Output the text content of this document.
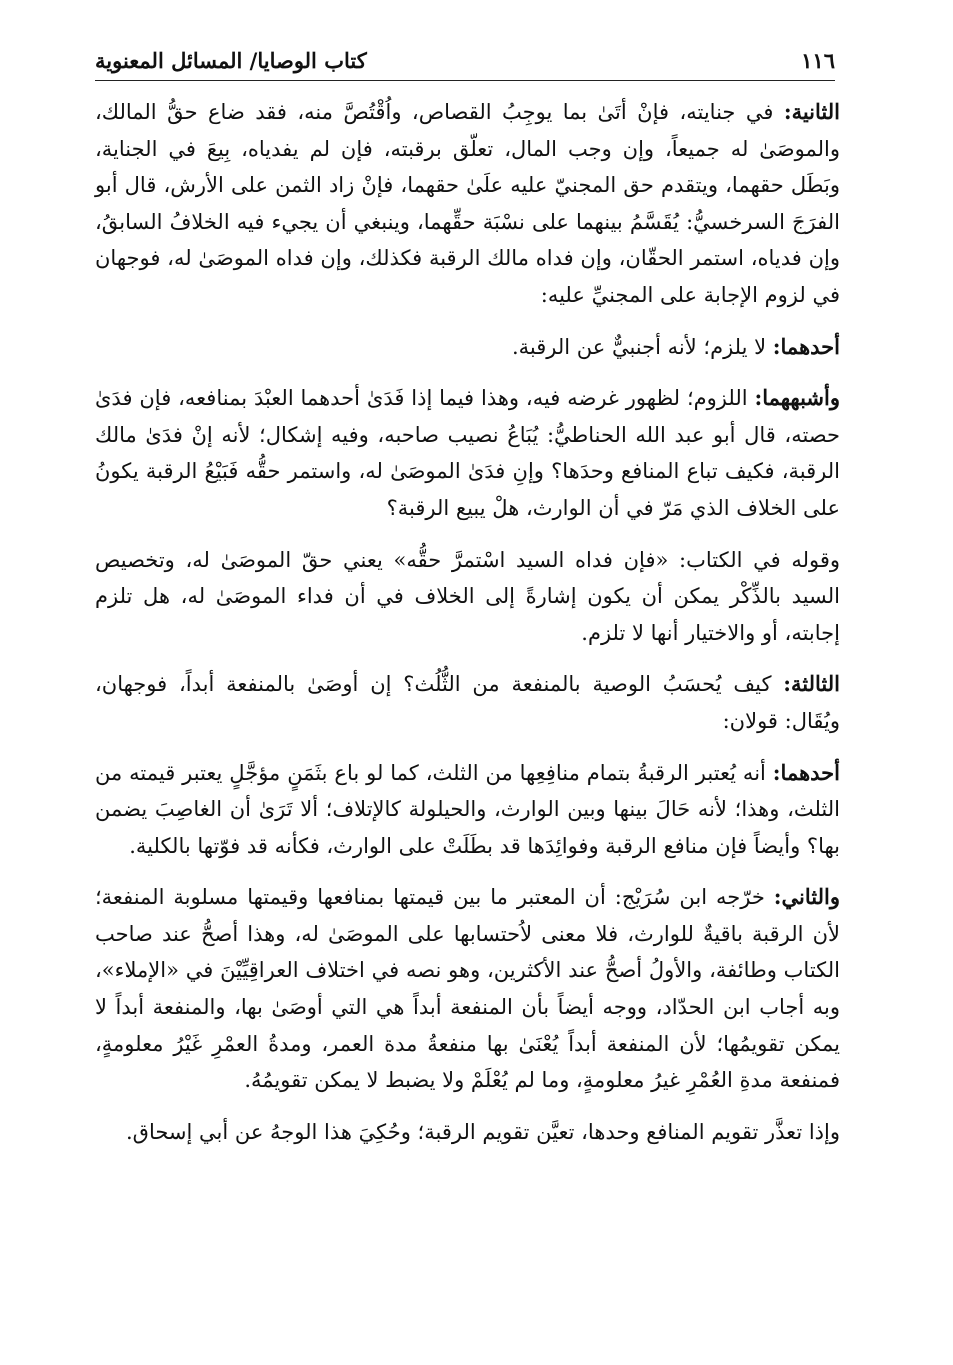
١١٦
كتاب الوصايا/ المسائل المعنوية

الثانية: في جنايته، فإنْ أتَىٰ بما يوجِبُ القصاص، واُقْتُصَّ منه، فقد ضاع حقُّ المالك، والموصَىٰ له جميعاً، وإن وجب المال، تعلّق برقبته، فإن لم يفدياه، بِيعَ في الجناية، وبَطَل حقهما، ويتقدم حق المجنيّ عليه علَىٰ حقهما، فإنْ زاد الثمن على الأرش، قال أبو الفرَجَ السرخسيُّ: يُقَسَّمُ بينهما على نسْبَة حقِّهما، وينبغي أن يجيء فيه الخلافُ السابقُ، وإن فدياه، استمر الحقّان، وإن فداه مالك الرقبة فكذلك، وإن فداه الموصَىٰ له، فوجهان في لزوم الإجابة على المجنيِّ عليه:

أحدهما: لا يلزم؛ لأنه أجنبيٌّ عن الرقبة.

وأشبههما: اللزوم؛ لظهور غرضه فيه، وهذا فيما إذا فَدَىٰ أحدهما العبْدَ بمنافعه، فإن فدَىٰ حصته، قال أبو عبد الله الحناطيُّ: يُبَاعُ نصيب صاحبه، وفيه إشكال؛ لأنه إنْ فدَىٰ مالك الرقبة، فكيف تباع المنافع وحدَها؟ وإنِ فدَىٰ الموصَىٰ له، واستمر حقُّه فَبَيْعُ الرقبة يكونُ على الخلاف الذي مَرّ في أن الوارث، هلْ يبيع الرقبة؟

وقوله في الكتاب: «فإن فداه السيد اسْتمرَّ حقُّه» يعني حقّ الموصَىٰ له، وتخصيص السيد بالذِّكْر يمكن أن يكون إشارةً إلى الخلاف في أن فداء الموصَىٰ له، هل تلزم إجابته، أو والاختيار أنها لا تلزم.

الثالثة: كيف يُحسَبُ الوصية بالمنفعة من الثُّلُث؟ إن أوصَىٰ بالمنفعة أبداً، فوجهان، ويُقَال: قولان:

أحدهما: أنه يُعتبر الرقبةُ بتمام منافِعِها من الثلث، كما لو باع بثَمَنٍ مؤجَّلٍ يعتبر قيمته من الثلث، وهذا؛ لأنه حَالَ بينها وبين الوارث، والحيلولة كالإتلاف؛ ألا تَرَىٰ أن الغاصِبَ يضمن بها؟ وأيضاً فإن منافع الرقبة وفوائِدَها قد بطَلَتْ على الوارث، فكأنه قد فوّتها بالكلية.

والثاني: خرّجه ابن سُرَيْج: أن المعتبر ما بين قيمتها بمنافعها وقيمتها مسلوبة المنفعة؛ لأن الرقبة باقيةٌ للوارث، فلا معنى لاُحتسابها على الموصَىٰ له، وهذا أصحُّ عند صاحب الكتاب وطائفة، والأولُ أصحُّ عند الأكثرين، وهو نصه في اختلاف العراقِيِّيْنَ في «الإملاء»، وبه أجاب ابن الحدّاد، ووجه أيضاً بأن المنفعة أبداً هي التي أوصَىٰ بها، والمنفعة أبداً لا يمكن تقويمُها؛ لأن المنفعة أبداً يُعْنَىٰ بها منفعةُ مدة العمر، ومدةُ العمْرِ غَيْرُ معلومةٍ، فمنفعة مدةِ العُمْرِ غيرُ معلومةٍ، وما لم يُعْلَمْ ولا يضبط لا يمكن تقويمُهُ.

وإذا تعذَّر تقويم المنافع وحدها، تعيَّن تقويم الرقبة؛ وحُكِيَ هذا الوجهُ عن أبي إسحاق.
